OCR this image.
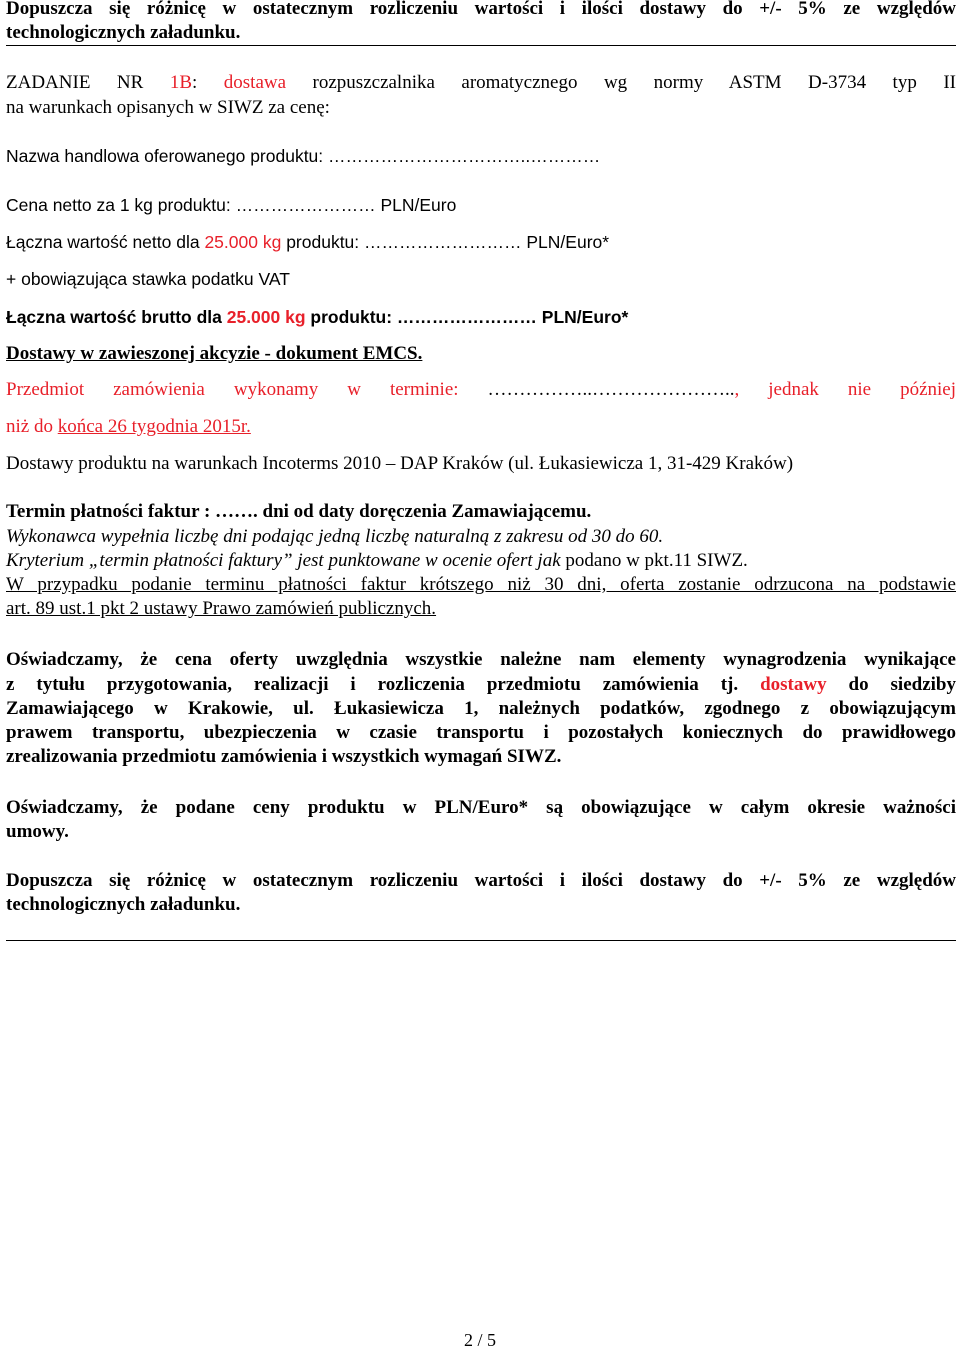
Dopuszcza się różnicę w ostatecznym rozliczeniu wartości i ilości dostawy do +/- 5% ze względów
technologicznych załadunku.
ZADANIE NR 1B: dostawa rozpuszczalnika aromatycznego wg normy ASTM D-3734 typ II
na warunkach opisanych w SIWZ za cenę:
Nazwa handlowa oferowanego produktu: ……………………………..…………
Cena netto za 1 kg produktu: …………………… PLN/Euro
Łączna wartość netto dla 25.000 kg produktu: ……………………… PLN/Euro*
+ obowiązująca stawka podatku VAT
Łączna wartość brutto dla 25.000 kg produktu: …………………… PLN/Euro*
Dostawy w zawieszonej akcyzie - dokument EMCS.
Przedmiot zamówienia wykonamy w terminie: ……………..………………….., jednak nie później
niż do końca 26 tygodnia 2015r.
Dostawy produktu na warunkach Incoterms 2010 – DAP Kraków (ul. Łukasiewicza 1, 31-429 Kraków)
Termin płatności faktur : ……. dni od daty doręczenia Zamawiającemu.
Wykonawca wypełnia liczbę dni podając jedną liczbę naturalną z zakresu od 30 do 60.
Kryterium „termin płatności faktury” jest punktowane w ocenie ofert jak podano w pkt.11 SIWZ.
W przypadku podanie terminu płatności faktur krótszego niż 30 dni, oferta zostanie odrzucona na podstawie
art. 89 ust.1 pkt 2 ustawy Prawo zamówień publicznych.
Oświadczamy, że cena oferty uwzględnia wszystkie należne nam elementy wynagrodzenia wynikające
z tytułu przygotowania, realizacji i rozliczenia przedmiotu zamówienia tj. dostawy do siedziby
Zamawiającego w Krakowie, ul. Łukasiewicza 1, należnych podatków, zgodnego z obowiązującym
prawem transportu, ubezpieczenia w czasie transportu i pozostałych koniecznych do prawidłowego
zrealizowania przedmiotu zamówienia i wszystkich wymagań SIWZ.
Oświadczamy, że podane ceny produktu w PLN/Euro* są obowiązujące w całym okresie ważności
umowy.
Dopuszcza się różnicę w ostatecznym rozliczeniu wartości i ilości dostawy do +/- 5% ze względów
technologicznych załadunku.
2 / 5
